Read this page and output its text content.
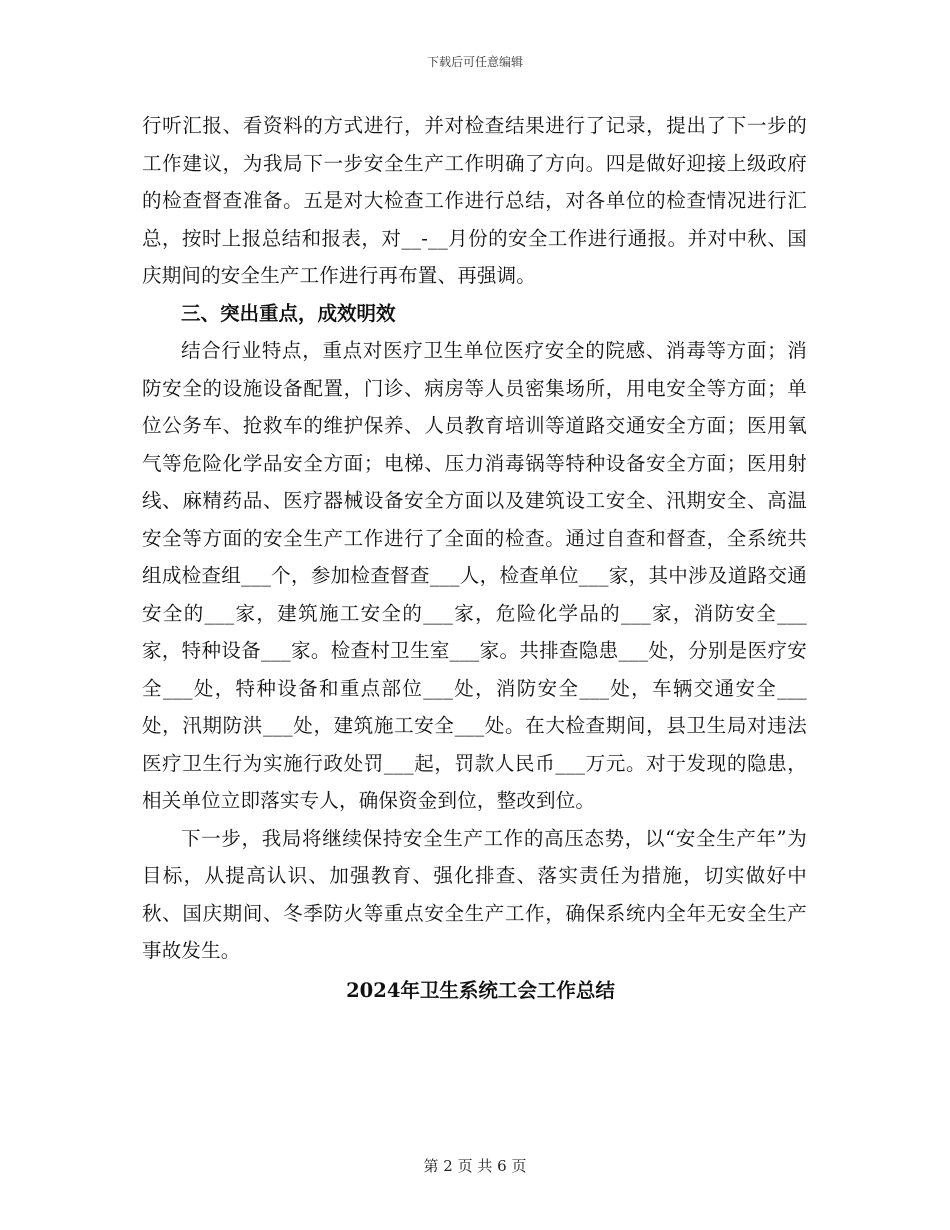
下载后可任意编辑

行听汇报、看资料的方式进行，并对检查结果进行了记录，提出了下一步的工作建议，为我局下一步安全生产工作明确了方向。四是做好迎接上级政府的检查督查准备。五是对大检查工作进行总结，对各单位的检查情况进行汇总，按时上报总结和报表，对__-__月份的安全工作进行通报。并对中秋、国庆期间的安全生产工作进行再布置、再强调。

三、突出重点，成效明效

结合行业特点，重点对医疗卫生单位医疗安全的院感、消毒等方面；消防安全的设施设备配置，门诊、病房等人员密集场所，用电安全等方面；单位公务车、抢救车的维护保养、人员教育培训等道路交通安全方面；医用氧气等危险化学品安全方面；电梯、压力消毒锅等特种设备安全方面；医用射线、麻精药品、医疗器械设备安全方面以及建筑设工安全、汛期安全、高温安全等方面的安全生产工作进行了全面的检查。通过自查和督查，全系统共组成检查组___个，参加检查督查___人，检查单位___家，其中涉及道路交通安全的___家，建筑施工安全的___家，危险化学品的___家，消防安全___家，特种设备___家。检查村卫生室___家。共排查隐患___处，分别是医疗安全___处，特种设备和重点部位___处，消防安全___处，车辆交通安全___处，汛期防洪___处，建筑施工安全___处。在大检查期间，县卫生局对违法医疗卫生行为实施行政处罚___起，罚款人民币___万元。对于发现的隐患，相关单位立即落实专人，确保资金到位，整改到位。

下一步，我局将继续保持安全生产工作的高压态势，以“安全生产年”为目标，从提高认识、加强教育、强化排查、落实责任为措施，切实做好中秋、国庆期间、冬季防火等重点安全生产工作，确保系统内全年无安全生产事故发生。

2024年卫生系统工会工作总结

第 2 页 共 6 页
